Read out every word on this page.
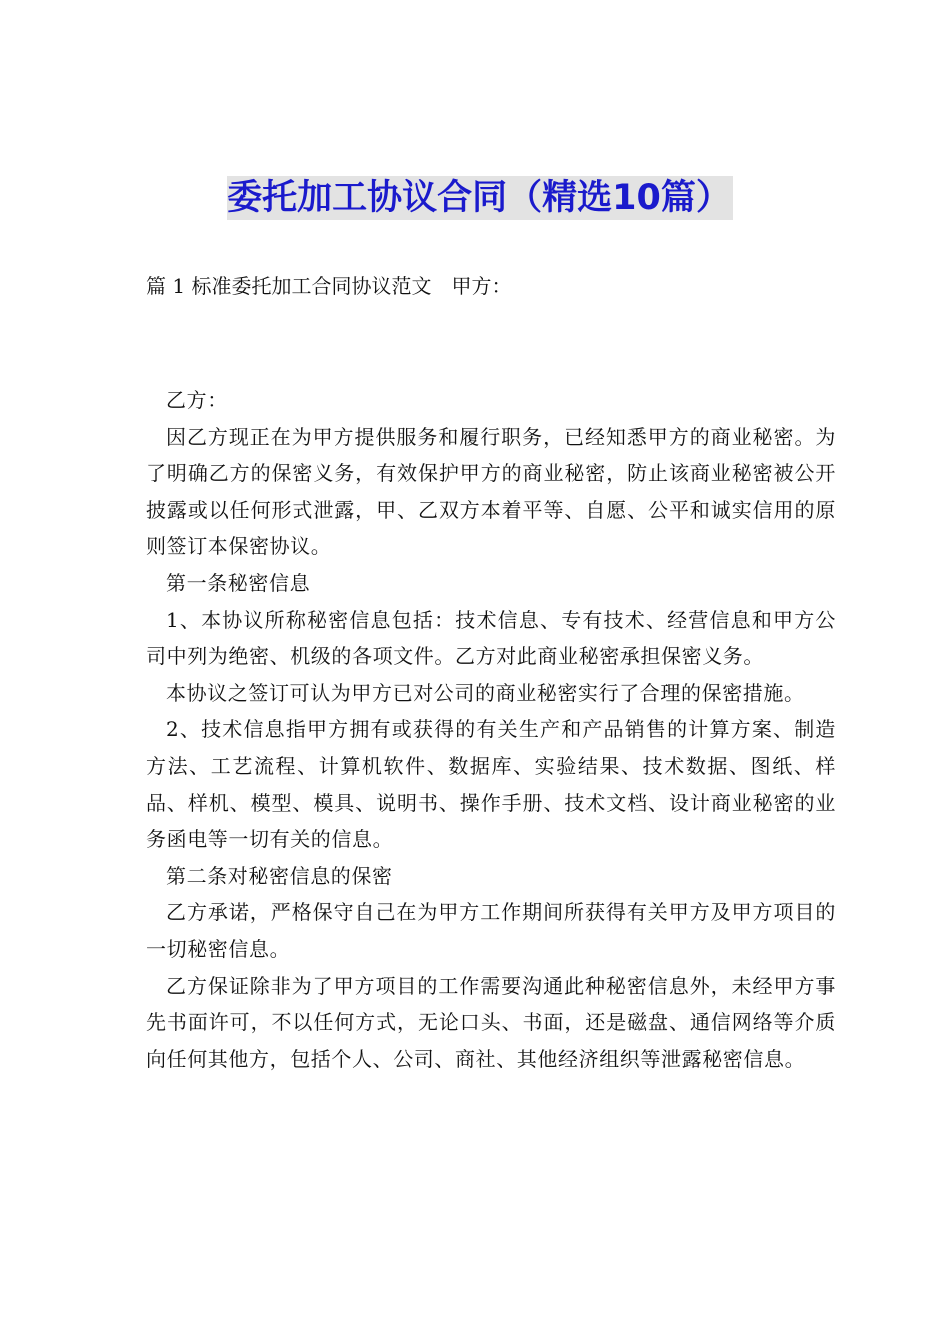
委托加工协议合同（精选10篇）
篇 1 标准委托加工合同协议范文　甲方：

乙方：

因乙方现正在为甲方提供服务和履行职务，已经知悉甲方的商业秘密。为了明确乙方的保密义务，有效保护甲方的商业秘密，防止该商业秘密被公开披露或以任何形式泄露，甲、乙双方本着平等、自愿、公平和诚实信用的原则签订本保密协议。

第一条秘密信息

1、本协议所称秘密信息包括：技术信息、专有技术、经营信息和甲方公司中列为绝密、机级的各项文件。乙方对此商业秘密承担保密义务。

本协议之签订可认为甲方已对公司的商业秘密实行了合理的保密措施。

2、技术信息指甲方拥有或获得的有关生产和产品销售的计算方案、制造方法、工艺流程、计算机软件、数据库、实验结果、技术数据、图纸、样品、样机、模型、模具、说明书、操作手册、技术文档、设计商业秘密的业务函电等一切有关的信息。

第二条对秘密信息的保密

乙方承诺，严格保守自己在为甲方工作期间所获得有关甲方及甲方项目的一切秘密信息。

乙方保证除非为了甲方项目的工作需要沟通此种秘密信息外，未经甲方事先书面许可，不以任何方式，无论口头、书面，还是磁盘、通信网络等介质向任何其他方，包括个人、公司、商社、其他经济组织等泄露秘密信息。
